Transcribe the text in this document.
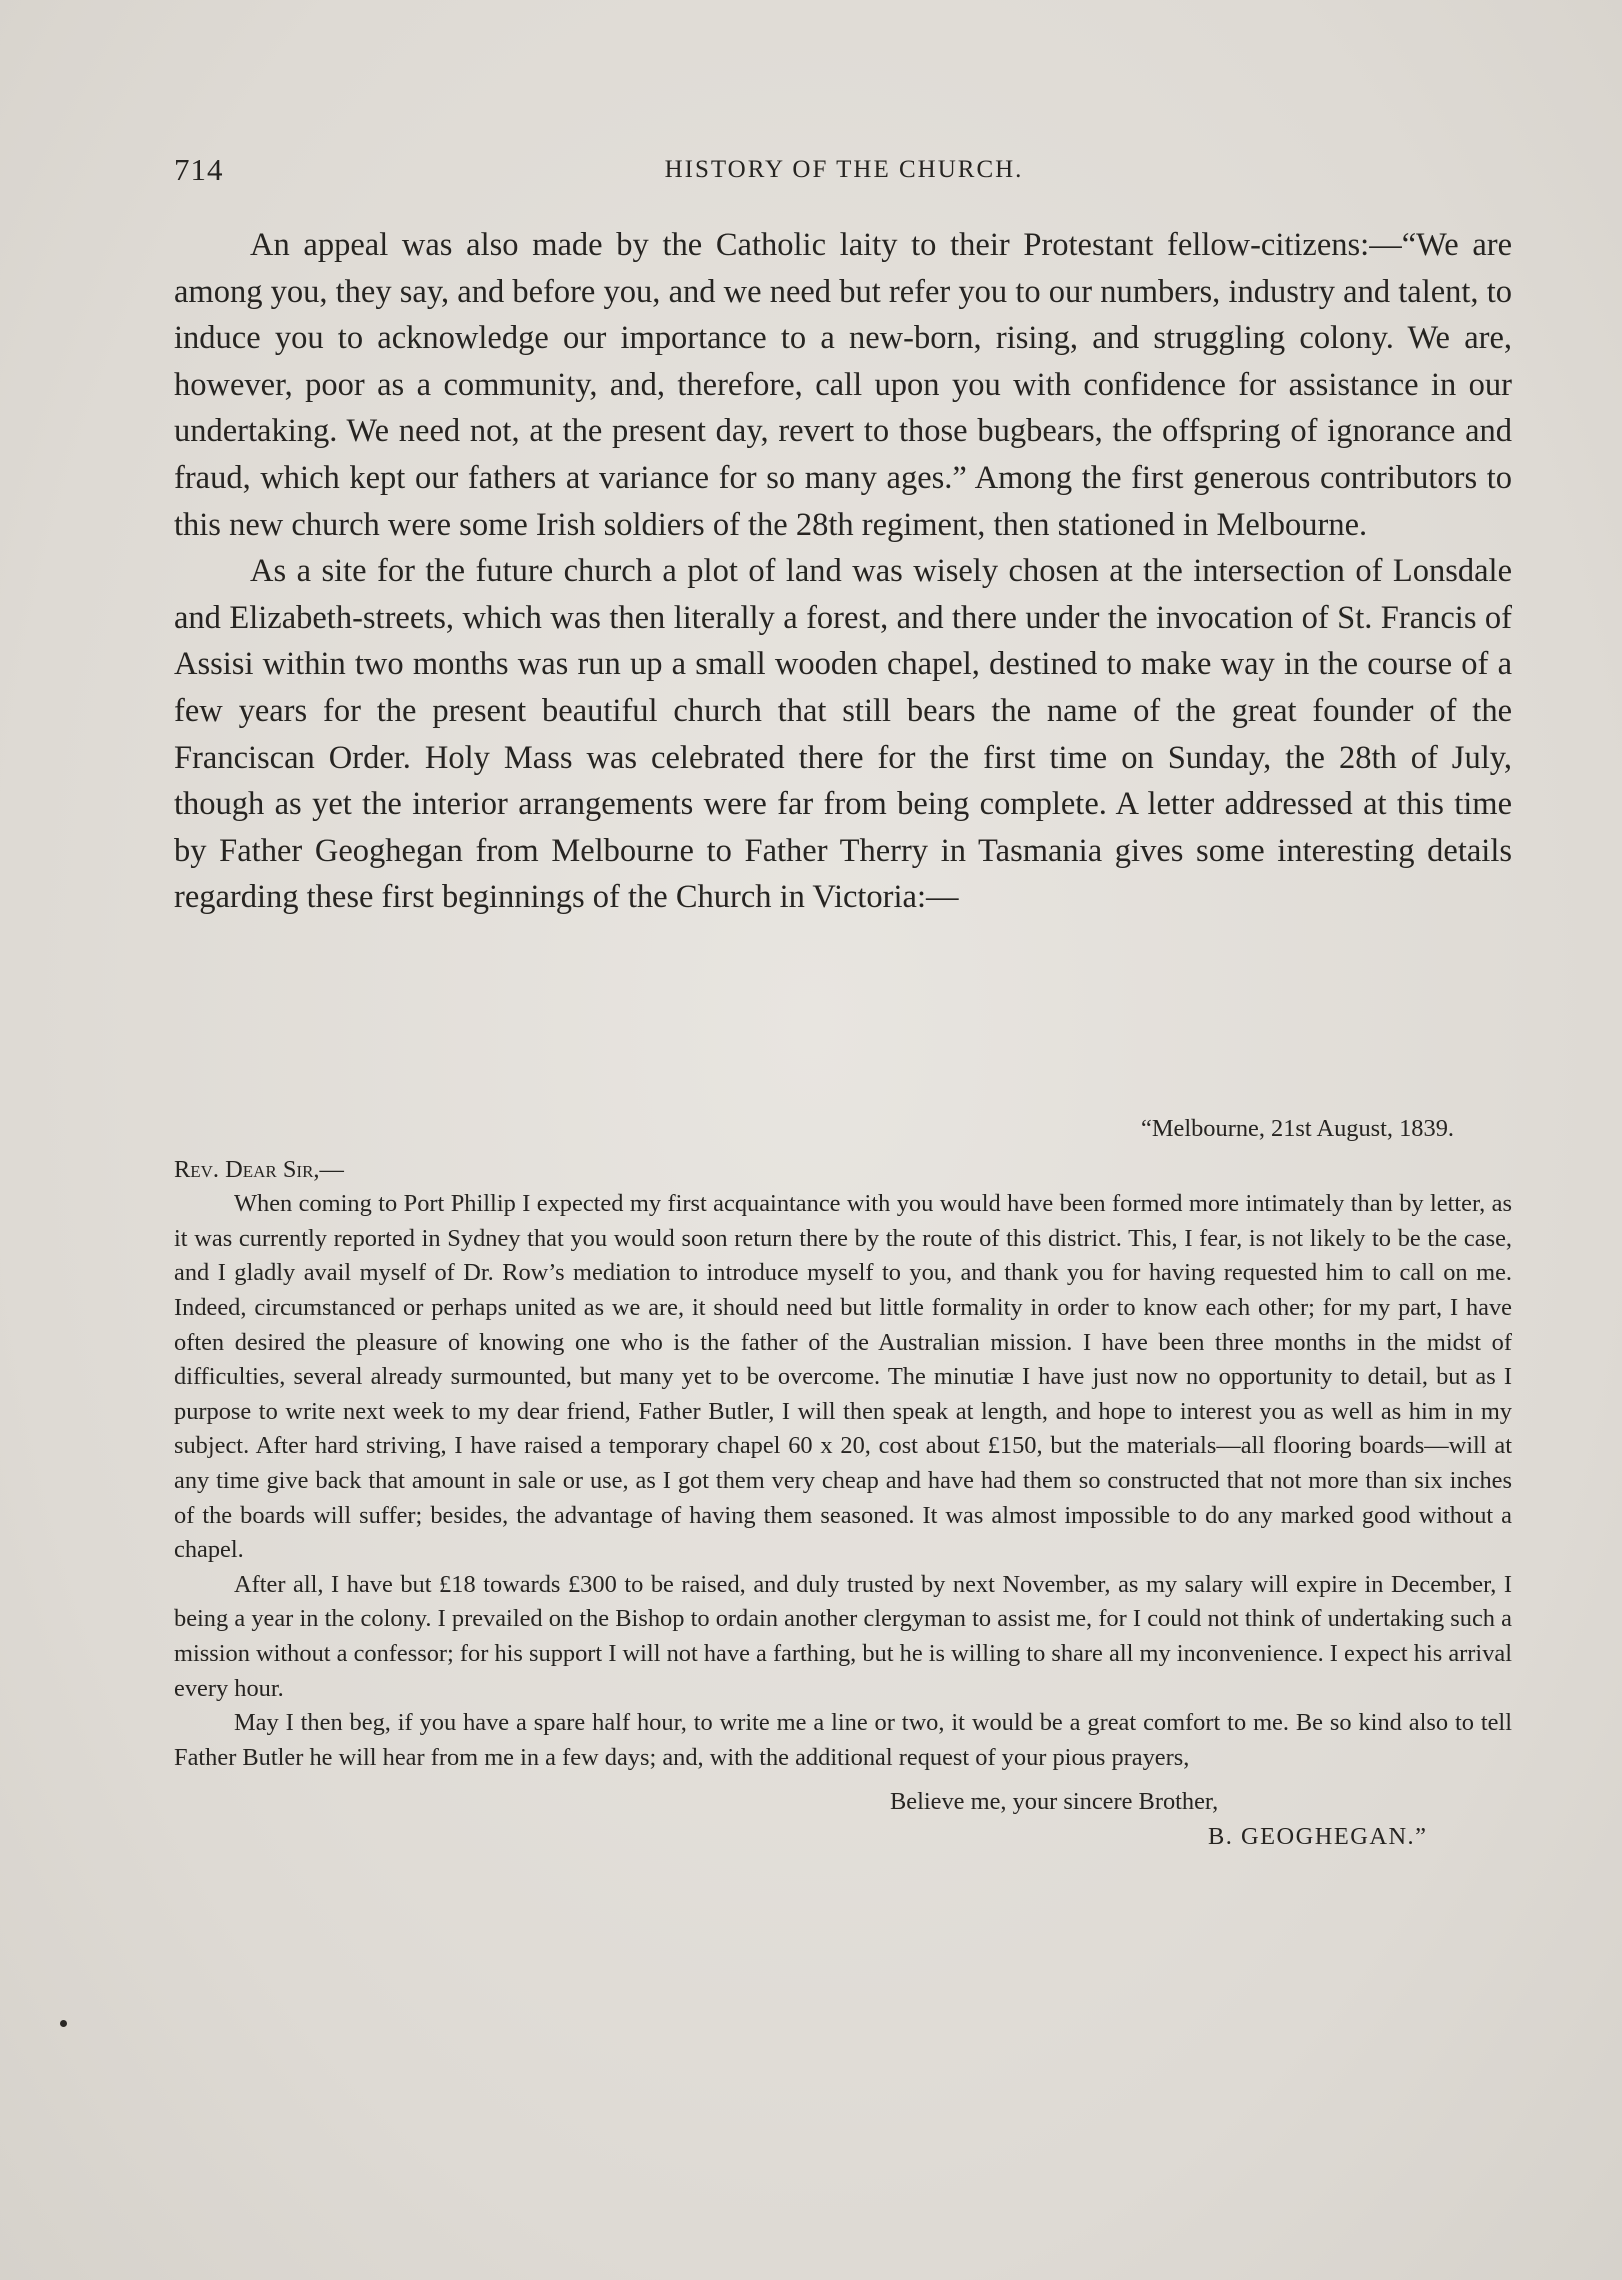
714	HISTORY OF THE CHURCH.

An appeal was also made by the Catholic laity to their Protestant fellow-citizens:—“We are among you, they say, and before you, and we need but refer you to our numbers, industry and talent, to induce you to acknowledge our importance to a new-born, rising, and struggling colony. We are, however, poor as a community, and, therefore, call upon you with confidence for assistance in our undertaking. We need not, at the present day, revert to those bugbears, the offspring of ignorance and fraud, which kept our fathers at variance for so many ages.” Among the first generous contributors to this new church were some Irish soldiers of the 28th regiment, then stationed in Melbourne.

As a site for the future church a plot of land was wisely chosen at the intersection of Lonsdale and Elizabeth-streets, which was then literally a forest, and there under the invocation of St. Francis of Assisi within two months was run up a small wooden chapel, destined to make way in the course of a few years for the present beautiful church that still bears the name of the great founder of the Franciscan Order. Holy Mass was celebrated there for the first time on Sunday, the 28th of July, though as yet the interior arrangements were far from being complete. A letter addressed at this time by Father Geoghegan from Melbourne to Father Therry in Tasmania gives some interesting details regarding these first beginnings of the Church in Victoria:—

“Melbourne, 21st August, 1839.

Rev. Dear Sir,—

When coming to Port Phillip I expected my first acquaintance with you would have been formed more intimately than by letter, as it was currently reported in Sydney that you would soon return there by the route of this district. This, I fear, is not likely to be the case, and I gladly avail myself of Dr. Row’s mediation to introduce myself to you, and thank you for having requested him to call on me. Indeed, circumstanced or perhaps united as we are, it should need but little formality in order to know each other; for my part, I have often desired the pleasure of knowing one who is the father of the Australian mission. I have been three months in the midst of difficulties, several already surmounted, but many yet to be overcome. The minutiæ I have just now no opportunity to detail, but as I purpose to write next week to my dear friend, Father Butler, I will then speak at length, and hope to interest you as well as him in my subject. After hard striving, I have raised a temporary chapel 60 x 20, cost about £150, but the materials—all flooring boards—will at any time give back that amount in sale or use, as I got them very cheap and have had them so constructed that not more than six inches of the boards will suffer; besides, the advantage of having them seasoned. It was almost impossible to do any marked good without a chapel.

After all, I have but £18 towards £300 to be raised, and duly trusted by next November, as my salary will expire in December, I being a year in the colony. I prevailed on the Bishop to ordain another clergyman to assist me, for I could not think of undertaking such a mission without a confessor; for his support I will not have a farthing, but he is willing to share all my inconvenience. I expect his arrival every hour.

May I then beg, if you have a spare half hour, to write me a line or two, it would be a great comfort to me. Be so kind also to tell Father Butler he will hear from me in a few days; and, with the additional request of your pious prayers,

Believe me, your sincere Brother,

B. GEOGHEGAN.”
